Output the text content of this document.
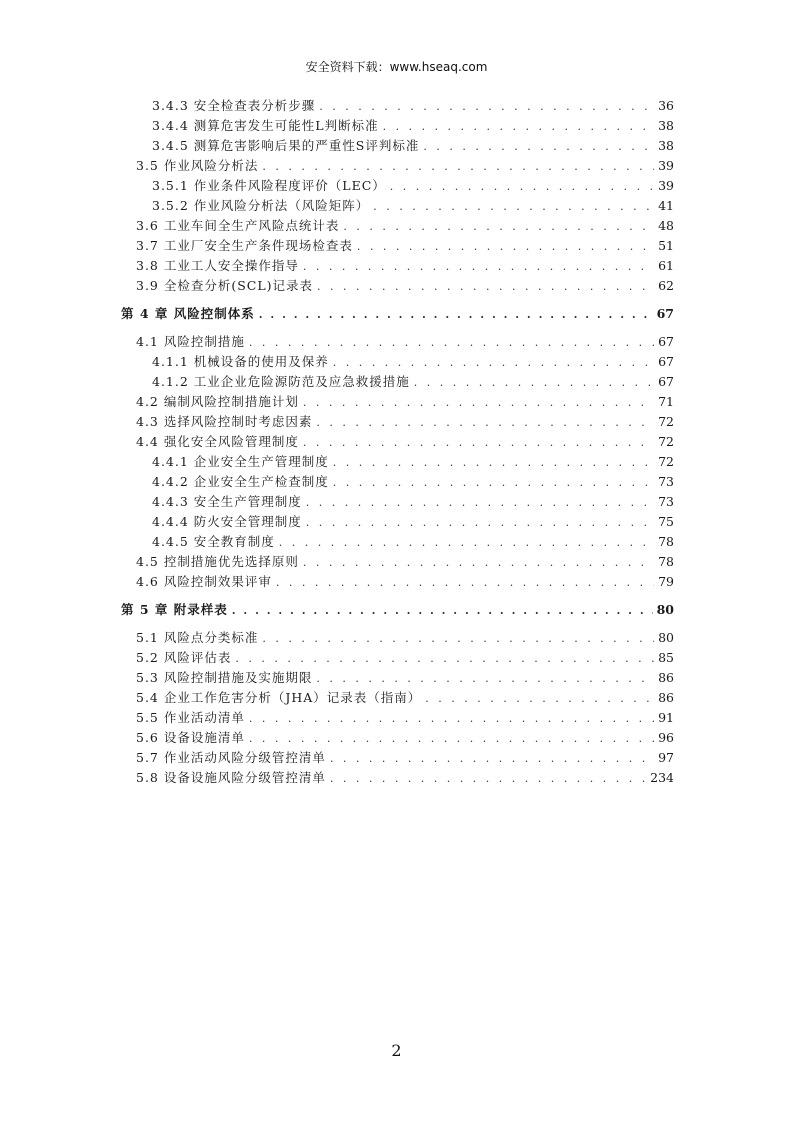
安全资料下载：www.hseaq.com
3.4.3 安全检查表分析步骤 . . .	36
3.4.4 测算危害发生可能性L判断标准 . . .	38
3.4.5 测算危害影响后果的严重性S评判标准 . . .	38
3.5 作业风险分析法 . . .	39
3.5.1 作业条件风险程度评价（LEC） . . .	39
3.5.2 作业风险分析法（风险矩阵） . . .	41
3.6 工业车间全生产风险点统计表 . . .	48
3.7 工业厂安全生产条件现场检查表 . . .	51
3.8 工业工人安全操作指导 . . .	61
3.9 全检查分析(SCL)记录表 . . .	62
第 4 章 风险控制体系 . . .	67
4.1 风险控制措施 . . .	67
4.1.1 机械设备的使用及保养 . . .	67
4.1.2 工业企业危险源防范及应急救援措施 . . .	67
4.2 编制风险控制措施计划 . . .	71
4.3 选择风险控制时考虑因素 . . .	72
4.4 强化安全风险管理制度 . . .	72
4.4.1 企业安全生产管理制度 . . .	72
4.4.2 企业安全生产检查制度 . . .	73
4.4.3 安全生产管理制度 . . .	73
4.4.4 防火安全管理制度 . . .	75
4.4.5 安全教育制度 . . .	78
4.5 控制措施优先选择原则 . . .	78
4.6 风险控制效果评审 . . .	79
第 5 章 附录样表 . . .	80
5.1 风险点分类标准 . . .	80
5.2 风险评估表 . . .	85
5.3 风险控制措施及实施期限 . . .	86
5.4 企业工作危害分析（JHA）记录表（指南） . . .	86
5.5 作业活动清单 . . .	91
5.6 设备设施清单 . . .	96
5.7 作业活动风险分级管控清单 . . .	97
5.8 设备设施风险分级管控清单 . . .	234
2
